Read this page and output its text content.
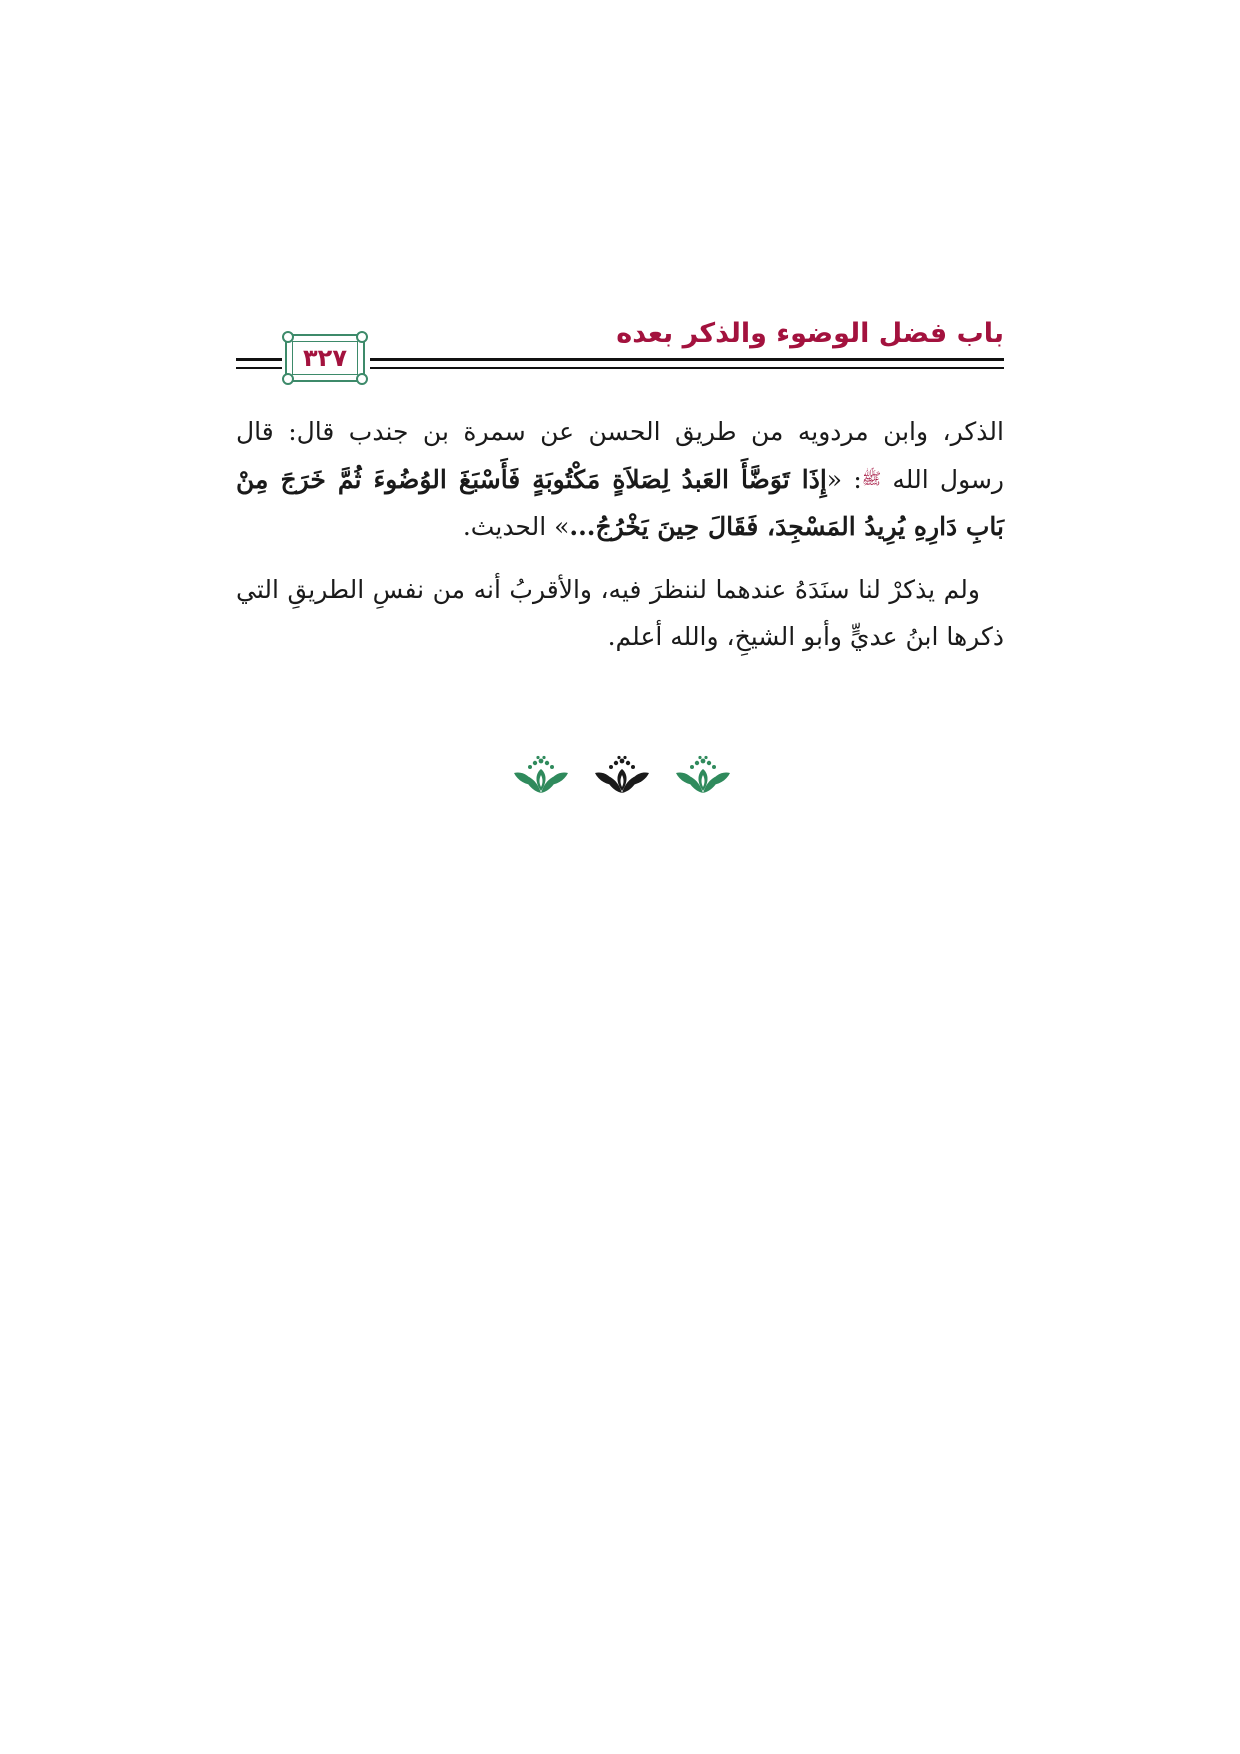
باب فضل الوضوء والذكر بعده
٣٢٧

الذكر، وابن مردويه من طريق الحسن عن سمرة بن جندب قال: قال رسول الله ﷺ: «إِذَا تَوَضَّأَ العَبدُ لِصَلاَةٍ مَكْتُوبَةٍ فَأَسْبَغَ الوُضُوءَ ثُمَّ خَرَجَ مِنْ بَابِ دَارِهِ يُرِيدُ المَسْجِدَ، فَقَالَ حِينَ يَخْرُجُ...» الحديث.

ولم يذكرْ لنا سنَدَهُ عندهما لننظرَ فيه، والأقربُ أنه من نفسِ الطريقِ التي ذكرها ابنُ عديٍّ وأبو الشيخِ، والله أعلم.
